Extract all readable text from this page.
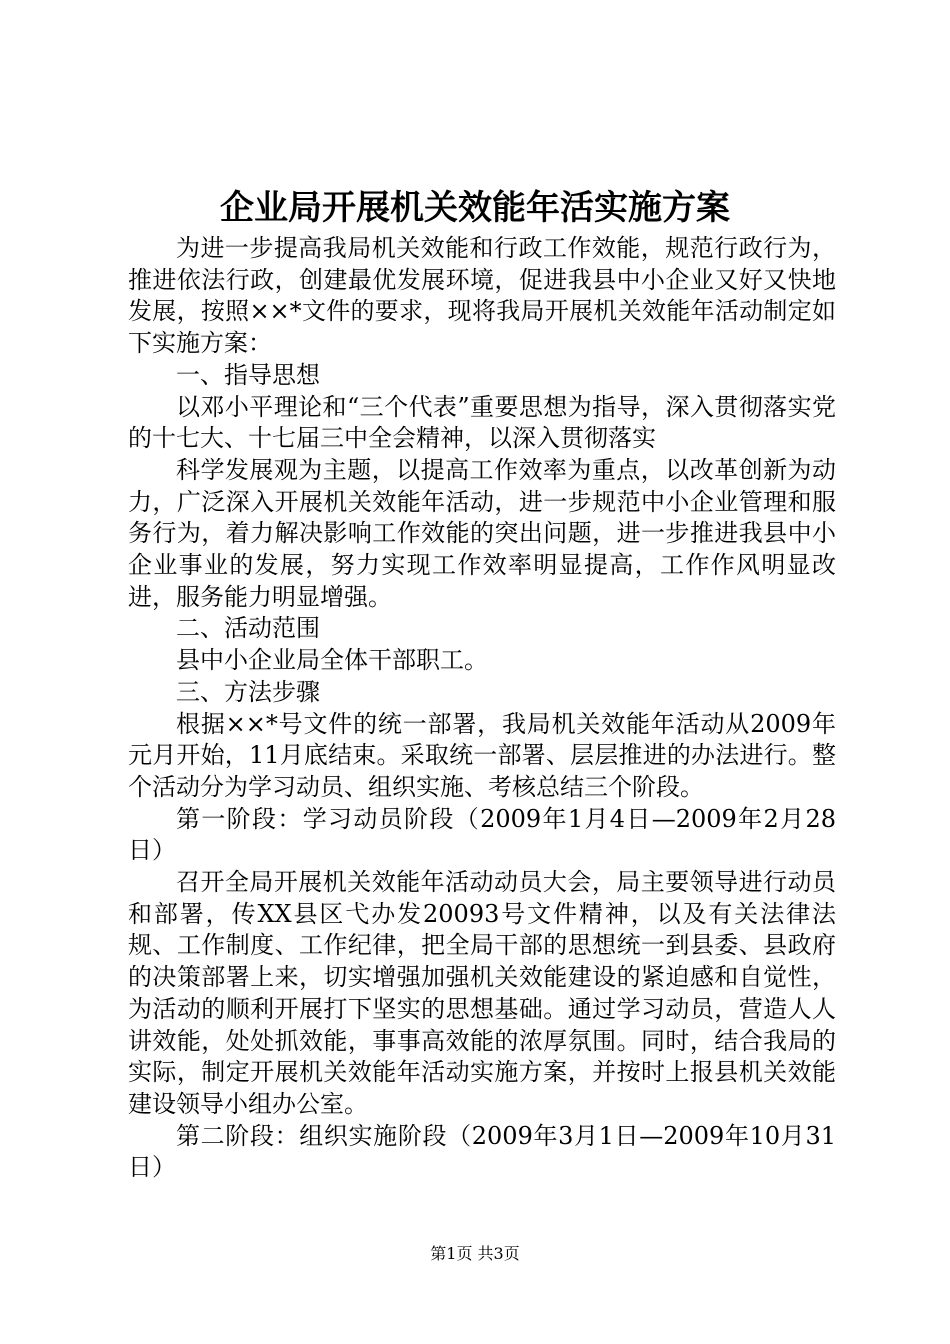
企业局开展机关效能年活实施方案

为进一步提高我局机关效能和行政工作效能，规范行政行为，推进依法行政，创建最优发展环境，促进我县中小企业又好又快地发展，按照××*文件的要求，现将我局开展机关效能年活动制定如下实施方案：

一、指导思想

以邓小平理论和“三个代表”重要思想为指导，深入贯彻落实党的十七大、十七届三中全会精神，以深入贯彻落实

科学发展观为主题，以提高工作效率为重点，以改革创新为动力，广泛深入开展机关效能年活动，进一步规范中小企业管理和服务行为，着力解决影响工作效能的突出问题，进一步推进我县中小企业事业的发展，努力实现工作效率明显提高，工作作风明显改进，服务能力明显增强。

二、活动范围

县中小企业局全体干部职工。

三、方法步骤

根据××*号文件的统一部署，我局机关效能年活动从2009年元月开始，11月底结束。采取统一部署、层层推进的办法进行。整个活动分为学习动员、组织实施、考核总结三个阶段。

第一阶段：学习动员阶段（2009年1月4日—2009年2月28日）

召开全局开展机关效能年活动动员大会，局主要领导进行动员和部署，传XX县区弋办发20093号文件精神，以及有关法律法规、工作制度、工作纪律，把全局干部的思想统一到县委、县政府的决策部署上来，切实增强加强机关效能建设的紧迫感和自觉性，为活动的顺利开展打下坚实的思想基础。通过学习动员，营造人人讲效能，处处抓效能，事事高效能的浓厚氛围。同时，结合我局的实际，制定开展机关效能年活动实施方案，并按时上报县机关效能建设领导小组办公室。

第二阶段：组织实施阶段（2009年3月1日—2009年10月31日）

第1页 共3页
